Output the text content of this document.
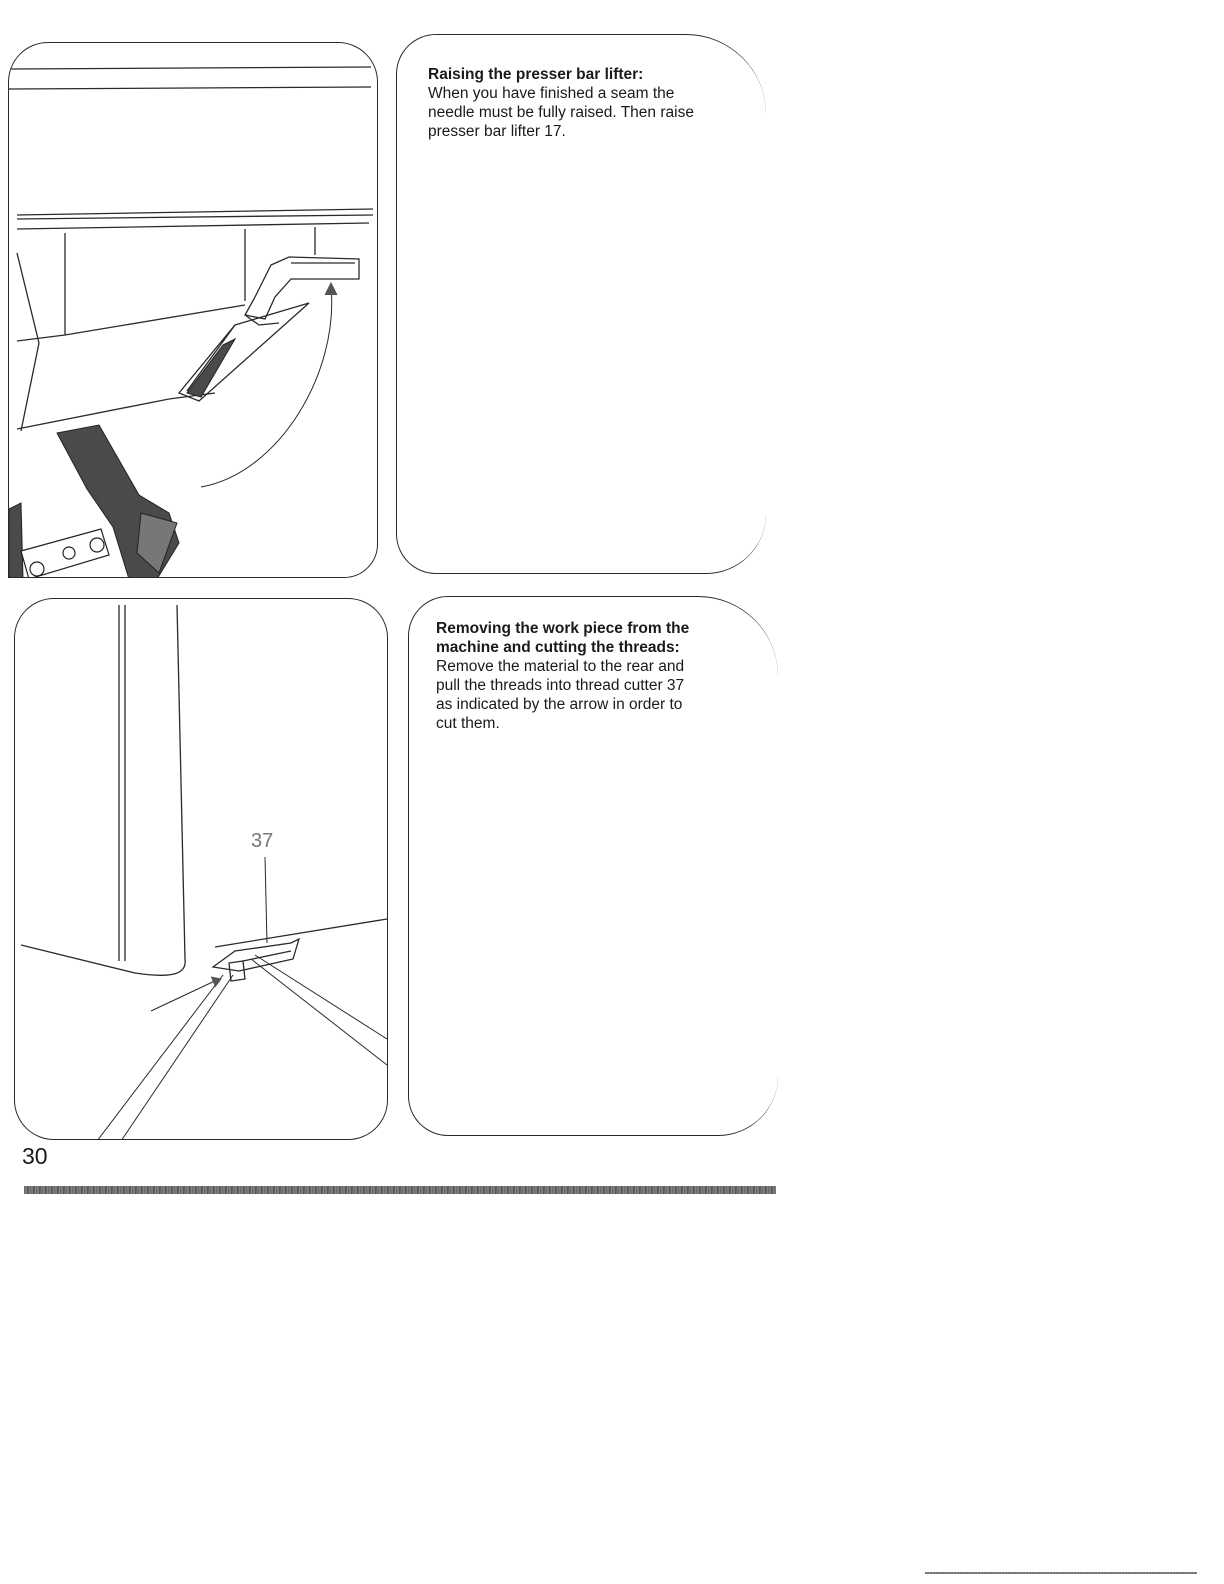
Raising the presser bar lifter:
When you have finished a seam the
needle must be fully raised. Then raise
presser bar lifter 17.
37
Removing the work piece from the
machine and cutting the threads:
Remove the material to the rear and
pull the threads into thread cutter 37
as indicated by the arrow in order to
cut them.
30
